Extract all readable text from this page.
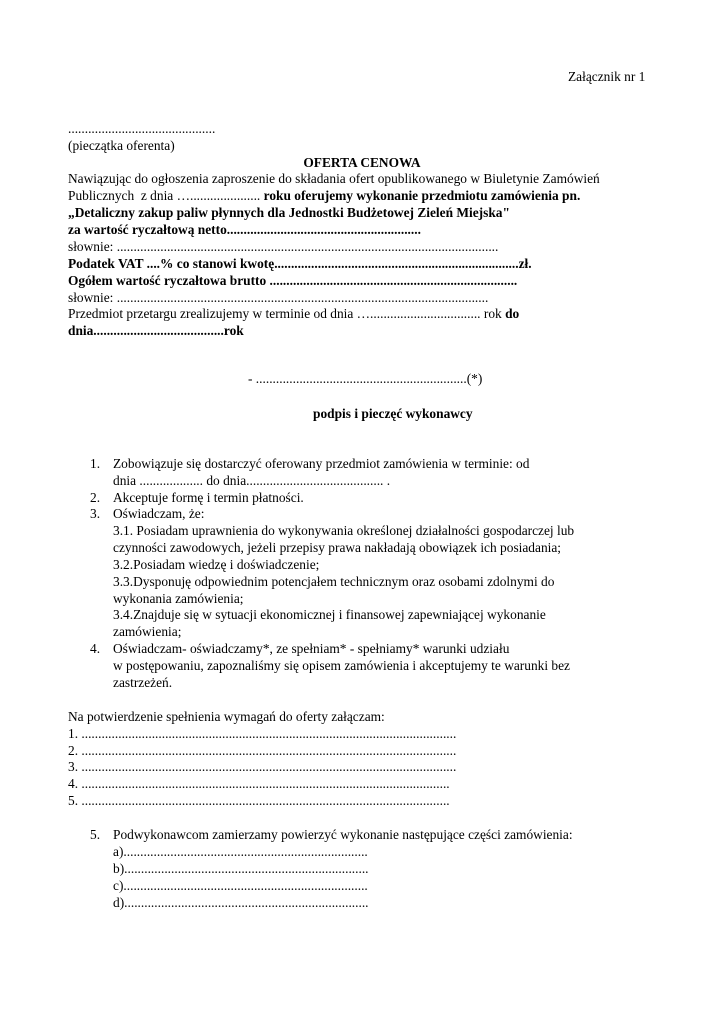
Załącznik nr 1
............................................
(pieczątka oferenta)
OFERTA CENOWA
Nawiązując do ogłoszenia zaproszenie do składania ofert opublikowanego w Biuletynie Zamówień
Publicznych  z dnia …..................... roku oferujemy wykonanie przedmiotu zamówienia pn.
„Detaliczny zakup paliw płynnych dla Jednostki Budżetowej Zieleń Miejska"
za wartość ryczałtową netto..........................................................
słownie: ..................................................................................................................
Podatek VAT ....% co stanowi kwotę.........................................................................zł.
Ogółem wartość ryczałtowa brutto ..........................................................................
słownie: ...............................................................................................................
Przedmiot przetargu zrealizujemy w terminie od dnia …................................. rok do
dnia.......................................rok
- ...............................................................(*)
podpis i pieczęć wykonawcy
1. Zobowiązuje się dostarczyć oferowany przedmiot zamówienia w terminie: od
dnia ................... do dnia......................................... .
2. Akceptuje formę i termin płatności.
3. Oświadczam, że:
3.1. Posiadam uprawnienia do wykonywania określonej działalności gospodarczej lub
czynności zawodowych, jeżeli przepisy prawa nakładają obowiązek ich posiadania;
3.2.Posiadam wiedzę i doświadczenie;
3.3.Dysponuję odpowiednim potencjałem technicznym oraz osobami zdolnymi do
wykonania zamówienia;
3.4.Znajduje się w sytuacji ekonomicznej i finansowej zapewniającej wykonanie
zamówienia;
4. Oświadczam- oświadczamy*, ze spełniam* - spełniamy* warunki udziału
w postępowaniu, zapoznaliśmy się opisem zamówienia i akceptujemy te warunki bez
zastrzeżeń.
Na potwierdzenie spełnienia wymagań do oferty załączam:
1. ................................................................................................................
2. ................................................................................................................
3. ................................................................................................................
4. ..............................................................................................................
5. ..............................................................................................................
5. Podwykonawcom zamierzamy powierzyć wykonanie następujące części zamówienia:
a).........................................................................
b).........................................................................
c).........................................................................
d).........................................................................
